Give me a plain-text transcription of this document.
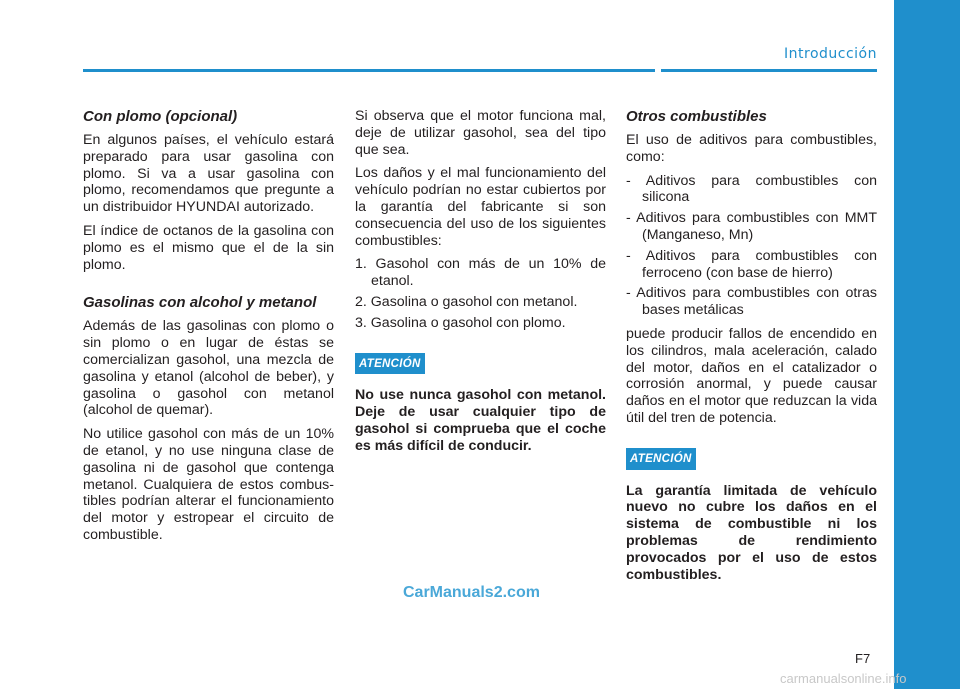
Introducción
Con plomo (opcional)

En algunos países, el vehículo estará preparado para usar gasolina con plomo. Si va a usar gasolina con plomo, recomendamos que pregunte a un distribuidor HYUNDAI autorizado.

El índice de octanos de la gasolina con plomo es el mismo que el de la sin plomo.

Gasolinas con alcohol y metanol

Además de las gasolinas con plomo o sin plomo o en lugar de éstas se comercializan gasohol, una mezcla de gasolina y etanol (alcohol de beber), y gasolina o gasohol con metanol (alcohol de quemar).

No utilice gasohol con más de un 10% de etanol, y no use ninguna clase de gasolina ni de gasohol que contenga metanol. Cualquiera de estos combus-tibles podrían alterar el funcionamiento del motor y estropear el circuito de combustible.

Si observa que el motor funciona mal, deje de utilizar gasohol, sea del tipo que sea.

Los daños y el mal funcionamiento del vehículo podrían no estar cubiertos por la garantía del fabricante si son consecuencia del uso de los siguientes combustibles:

1. Gasohol con más de un 10% de etanol.
2. Gasolina o gasohol con metanol.
3. Gasolina o gasohol con plomo.
ATENCIÓN

No use nunca gasohol con metanol. Deje de usar cualquier tipo de gasohol si comprueba que el coche es más difícil de conducir.

Otros combustibles

El uso de aditivos para combustibles, como:

- Aditivos para combustibles con silicona
- Aditivos para combustibles con MMT (Manganeso, Mn)
- Aditivos para combustibles con ferroceno (con base de hierro)
- Aditivos para combustibles con otras bases metálicas

puede producir fallos de encendido en los cilindros, mala aceleración, calado del motor, daños en el catalizador o corrosión anormal, y puede causar daños en el motor que reduzcan la vida útil del tren de potencia.

ATENCIÓN

La garantía limitada de vehículo nuevo no cubre los daños en el sistema de combustible ni los problemas de rendimiento provocados por el uso de estos combustibles.

CarManuals2.com
F7
carmanualsonline.info
